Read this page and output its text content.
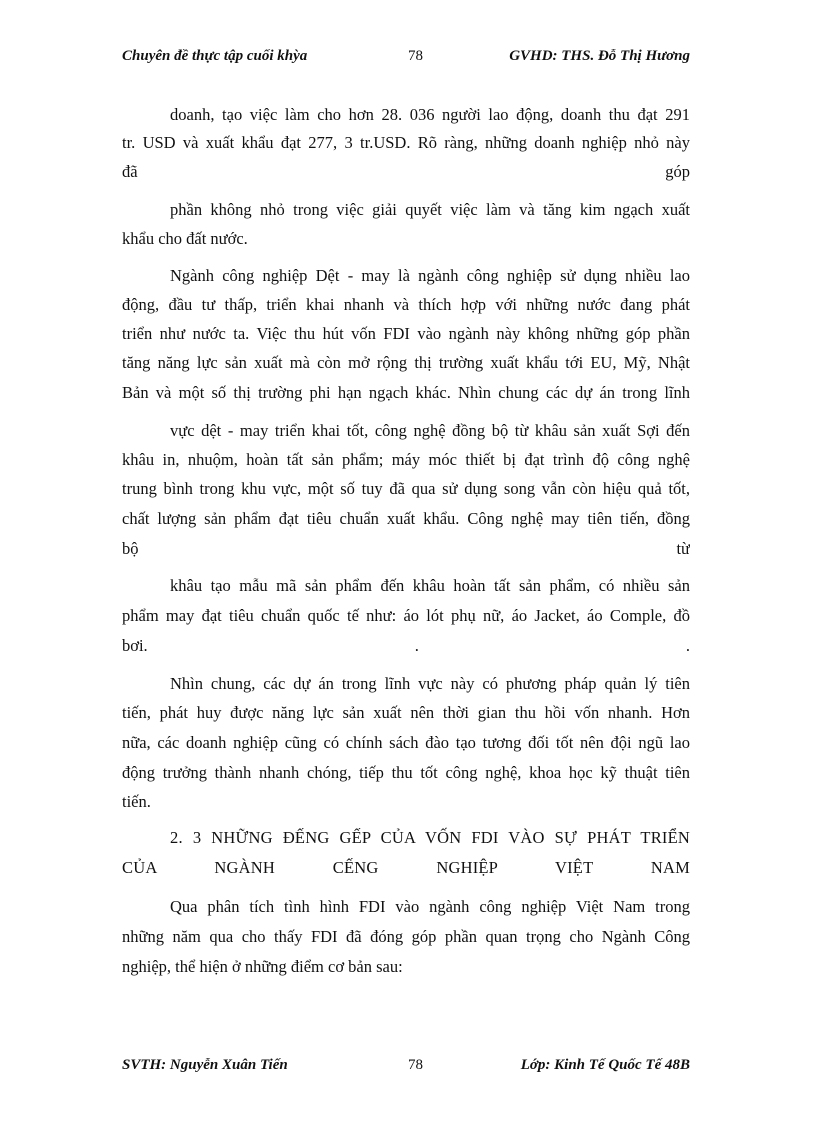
Chuyên đề thực tập cuối khỳa	78	GVHD: THS. Đỗ Thị Hương
doanh, tạo việc làm cho hơn 28. 036 người lao động, doanh thu đạt 291
tr. USD và xuất khẩu đạt 277, 3 tr.USD. Rõ ràng, những doanh nghiệp nhỏ này
đã góp
phần không nhỏ trong việc giải quyết việc làm và tăng kim ngạch xuất
khẩu cho đất nước.
Ngành công nghiệp Dệt - may là ngành công nghiệp sử dụng nhiều lao
động, đầu tư thấp, triển khai nhanh và thích hợp với những nước đang phát
triển như nước ta. Việc thu hút vốn FDI vào ngành này không những góp phần
tăng năng lực sản xuất mà còn mở rộng thị trường xuất khẩu tới EU, Mỹ, Nhật
Bản và một số thị trường phi hạn ngạch khác. Nhìn chung các dự án trong lĩnh
vực dệt - may triển khai tốt, công nghệ đồng bộ từ khâu sản xuất Sợi đến
khâu in, nhuộm, hoàn tất sản phẩm; máy móc thiết bị đạt trình độ công nghệ
trung bình trong khu vực, một số tuy đã qua sử dụng song vẫn còn hiệu quả tốt,
chất lượng sản phẩm đạt tiêu chuẩn xuất khẩu. Công nghệ may tiên tiến, đồng
bộ từ
khâu tạo mẫu mã sản phẩm đến khâu hoàn tất sản phẩm, có nhiều sản
phẩm may đạt tiêu chuẩn quốc tế như: áo lót phụ nữ, áo Jacket, áo Comple, đồ
bơi. . .
Nhìn chung, các dự án trong lĩnh vực này có phương pháp quản lý tiên
tiến, phát huy được năng lực sản xuất nên thời gian thu hồi vốn nhanh. Hơn
nữa, các doanh nghiệp cũng có chính sách đào tạo tương đối tốt nên đội ngũ lao
động trưởng thành nhanh chóng, tiếp thu tốt công nghệ, khoa học kỹ thuật tiên
tiến.
2. 3 NHỮNG ĐẾNG GẾP CỦA VỐN FDI VÀO SỰ PHÁT TRIỂN
CỦA NGÀNH CẾNG NGHIỆP VIỆT NAM
Qua phân tích tình hình FDI vào ngành công nghiệp Việt Nam trong
những năm qua cho thấy FDI đã đóng góp phần quan trọng cho Ngành Công
nghiệp, thể hiện ở những điểm cơ bản sau:
SVTH: Nguyễn Xuân Tiến	78	Lớp: Kinh Tế Quốc Tế 48B
